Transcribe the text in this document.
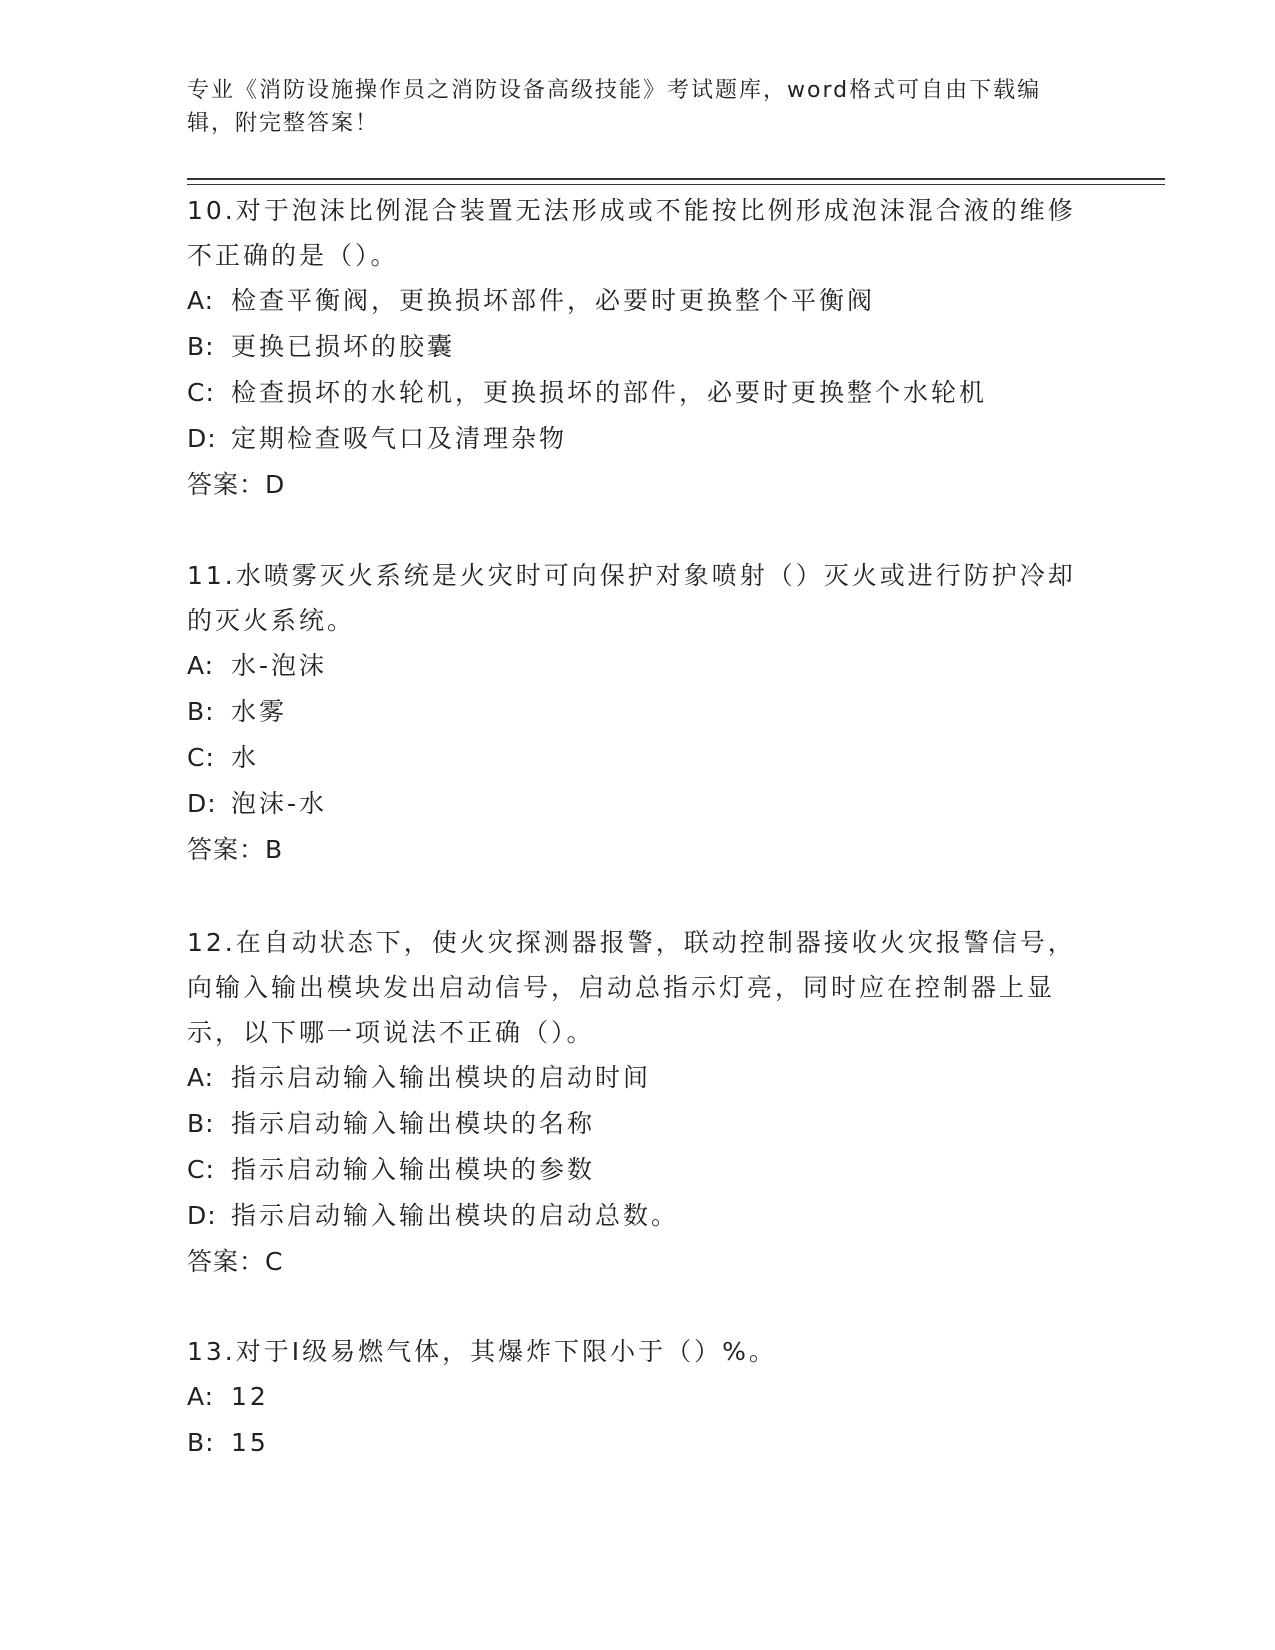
专业《消防设施操作员之消防设备高级技能》考试题库，word格式可自由下载编辑，附完整答案！

10.对于泡沫比例混合装置无法形成或不能按比例形成泡沫混合液的维修不正确的是（）。

A: 检查平衡阀，更换损坏部件，必要时更换整个平衡阀

B: 更换已损坏的胶囊

C: 检查损坏的水轮机，更换损坏的部件，必要时更换整个水轮机

D: 定期检查吸气口及清理杂物

答案：D

11.水喷雾灭火系统是火灾时可向保护对象喷射（）灭火或进行防护冷却的灭火系统。

A: 水-泡沫

B: 水雾

C: 水

D: 泡沫-水

答案：B

12.在自动状态下，使火灾探测器报警，联动控制器接收火灾报警信号，向输入输出模块发出启动信号，启动总指示灯亮，同时应在控制器上显示，以下哪一项说法不正确（）。

A: 指示启动输入输出模块的启动时间

B: 指示启动输入输出模块的名称

C: 指示启动输入输出模块的参数

D: 指示启动输入输出模块的启动总数。

答案：C

13.对于Ⅰ级易燃气体，其爆炸下限小于（）%。

A: 12

B: 15
